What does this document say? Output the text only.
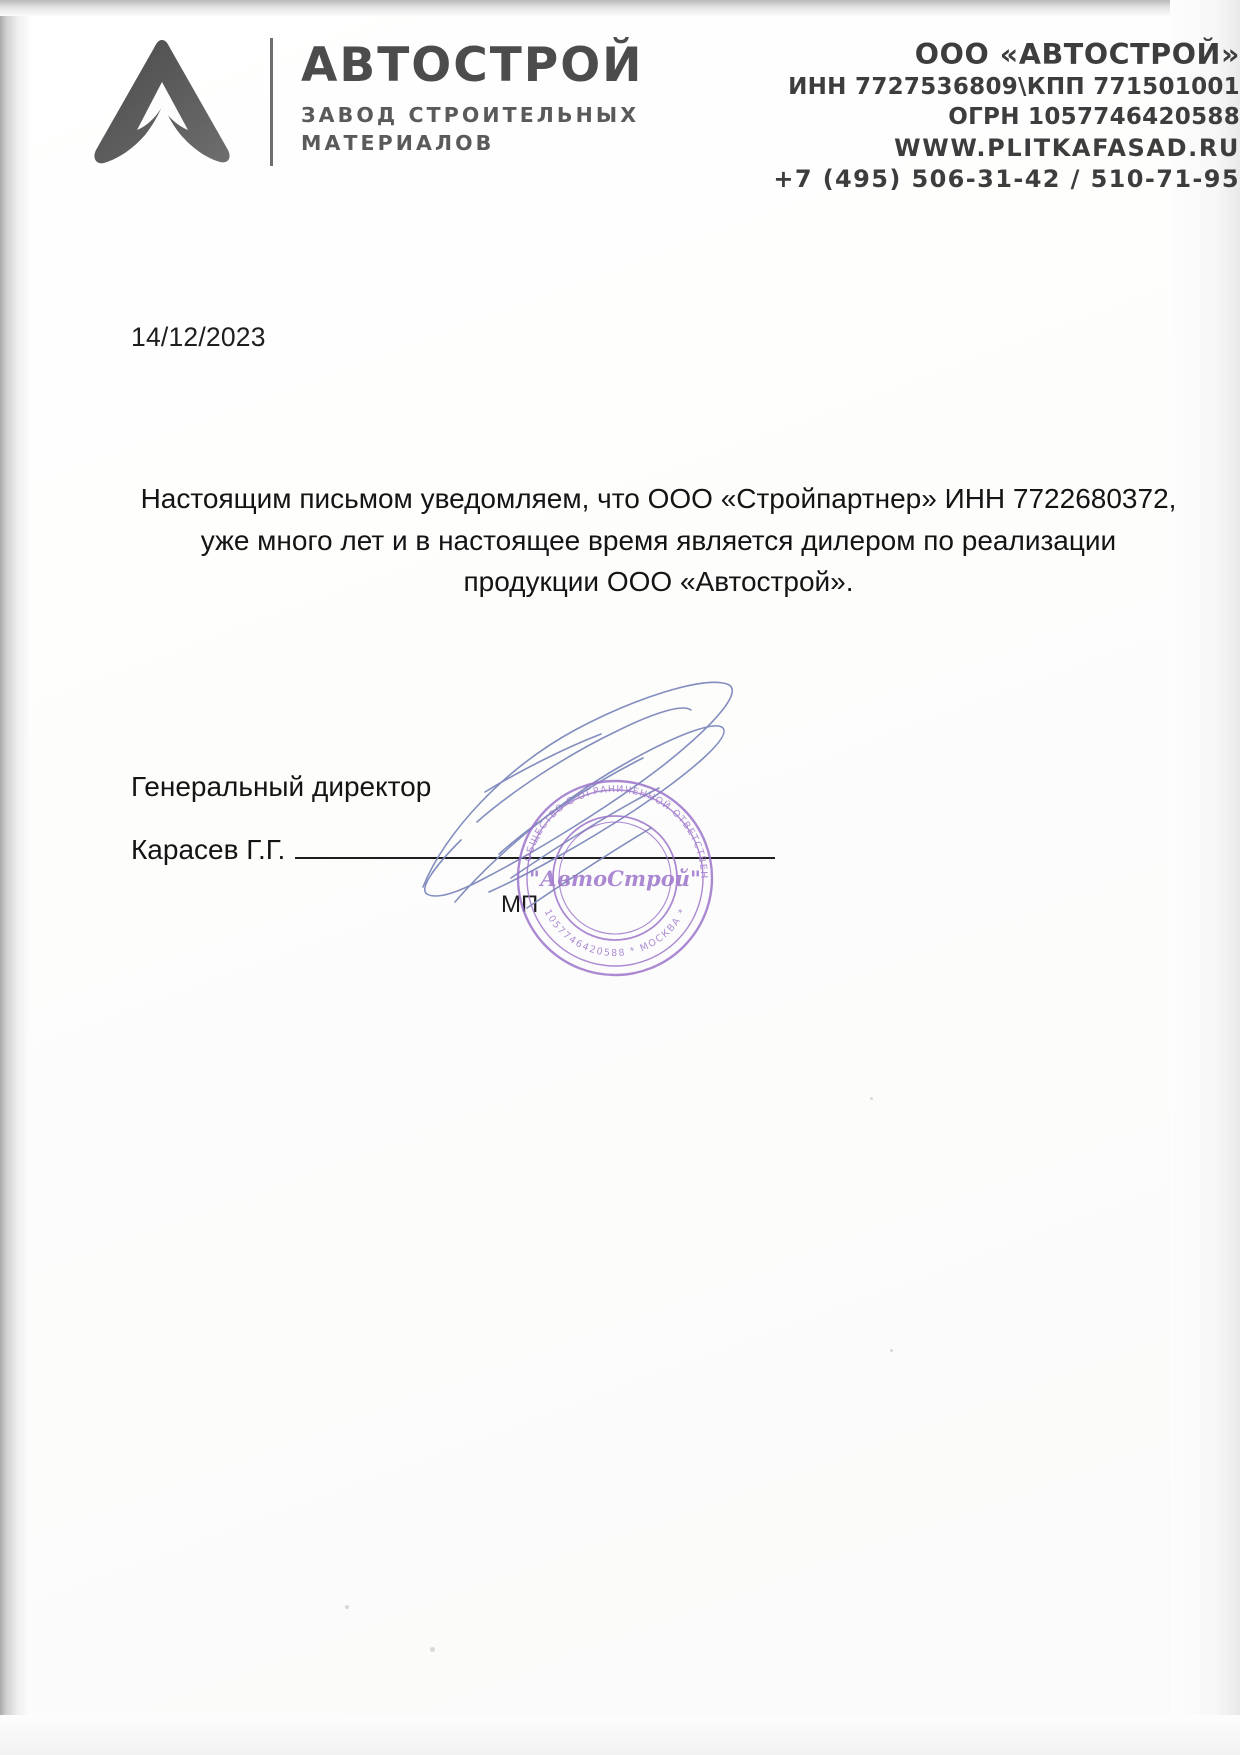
АВТОСТРОЙ
ЗАВОД СТРОИТЕЛЬНЫХ
МАТЕРИАЛОВ
ООО «АВТОСТРОЙ»
ИНН 7727536809\КПП 771501001
ОГРН 1057746420588
WWW.PLITKAFASAD.RU
+7 (495) 506-31-42 / 510-71-95
14/12/2023

Настоящим письмом уведомляем, что ООО «Стройпартнер» ИНН 7722680372, уже много лет и в настоящее время является дилером по реализации продукции ООО «Автострой».

Генеральный директор
Карасев Г.Г.
МП
ОБЩЕСТВО С ОГРАНИЧЕННОЙ ОТВЕТСТВЕН
1057746420588 * МОСКВА *
"АвтоСтрой"
